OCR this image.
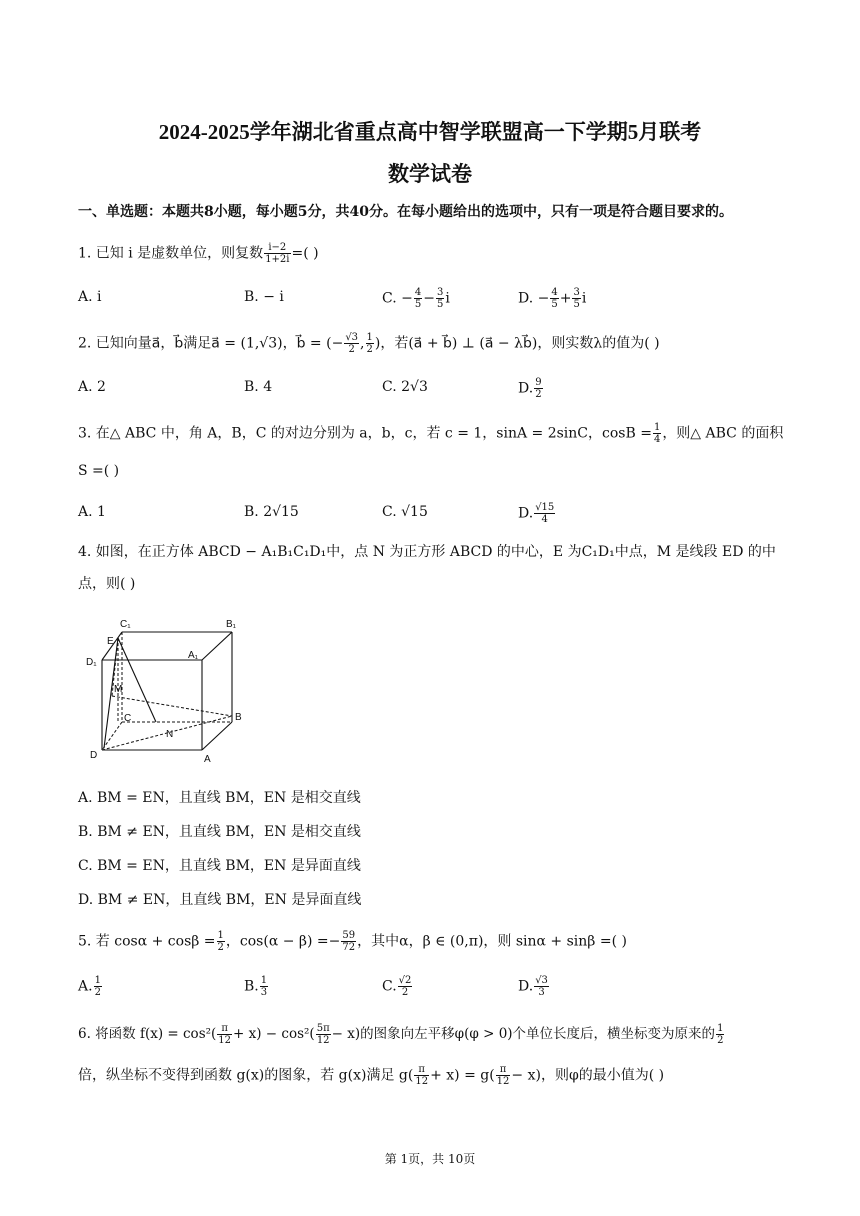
2024-2025学年湖北省重点高中智学联盟高一下学期5月联考
数学试卷
一、单选题：本题共8小题，每小题5分，共40分。在每小题给出的选项中，只有一项是符合题目要求的。
1. 已知 i 是虚数单位，则复数 $\frac{i-2}{1+2i}$ =( )
A. i	B. − i	C. − $\frac{4}{5} - \frac{3}{5}$ i	D. − $\frac{4}{5} + \frac{3}{5}$ i
2. 已知向量a⃗，b⃗满足a⃗ = (1,√3)，b⃗ = (− $\frac{√3}{2}$ , $\frac{1}{2}$ )，若(a⃗ + b⃗) ⊥ (a⃗ − λb⃗)，则实数λ的值为( )
A. 2	B. 4	C. 2√3	D. $\frac{9}{2}$
3. 在△ ABC 中，角 A，B，C 的对边分别为 a，b，c，若 c = 1，sinA = 2sinC，$\cos B = \frac{1}{4}$ ，则△ ABC 的面积
S =( )
A. 1	B. 2√15	C. √15	D. $\frac{√15}{4}$
4. 如图，在正方体 ABCD − A₁B₁C₁D₁中，点 N 为正方形 ABCD 的中心，E 为C₁D₁中点，M 是线段 ED 的中
点，则( )
C₁	B₁
E
D₁
A₁
M
C	B
N
D	A
A. BM = EN，且直线 BM，EN 是相交直线
B. BM ≠ EN，且直线 BM，EN 是相交直线
C. BM = EN，且直线 BM，EN 是异面直线
D. BM ≠ EN，且直线 BM，EN 是异面直线
5. 若 $\cos\alpha + \cos\beta = \frac{1}{2}$ ，$\cos(\alpha - \beta) =- \frac{59}{72}$ ，其中α，β ∈ (0,π)，则 sinα + sinβ =( )
A. $\frac{1}{2}$	B. $\frac{1}{3}$	C. $\frac{√2}{2}$	D. $\frac{√3}{3}$
6. 将函数 $f(x) = \cos^2( \frac{\pi}{12} + x) - \cos^2( \frac{5\pi}{12} - x)$的图象向左平移φ(φ > 0)个单位长度后，横坐标变为原来的 $\frac{1}{2}$
倍，纵坐标不变得到函数 g(x)的图象，若 g(x)满足 $g( \frac{\pi}{12} + x) = g( \frac{\pi}{12} - x)$，则φ的最小值为( )
第 1页，共 10页
